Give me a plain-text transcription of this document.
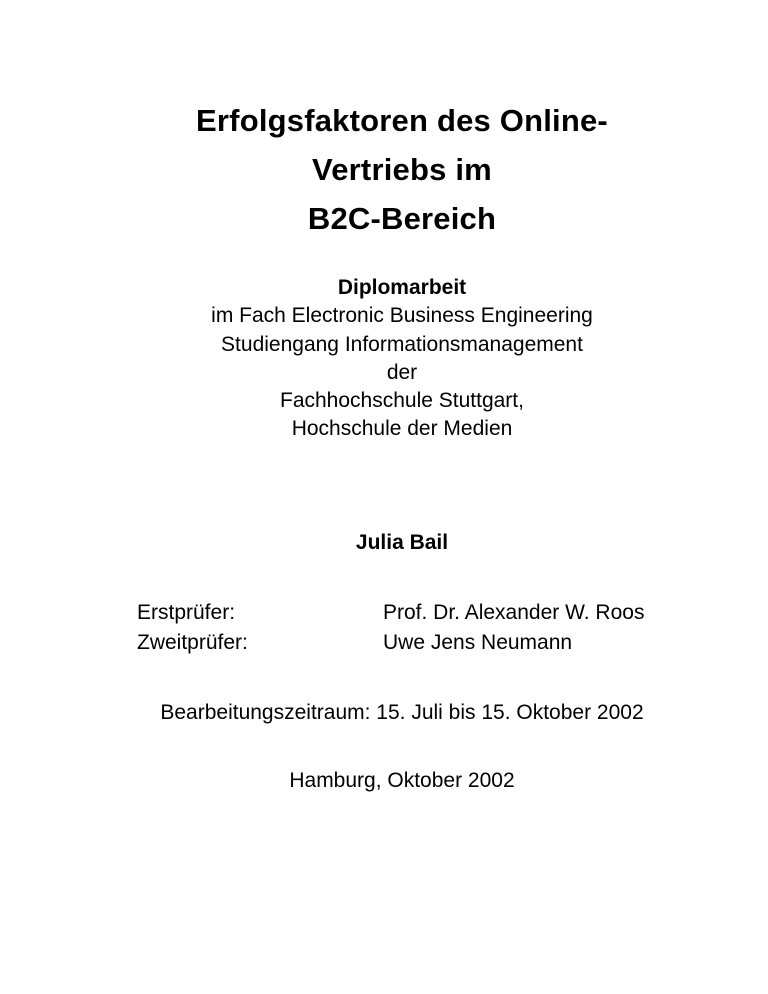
Erfolgsfaktoren des Online-Vertriebs im
B2C-Bereich
Diplomarbeit
im Fach Electronic Business Engineering
Studiengang Informationsmanagement
der
Fachhochschule Stuttgart,
Hochschule der Medien
Julia Bail
Erstprüfer:	Prof. Dr. Alexander W. Roos
Zweitprüfer:	Uwe Jens Neumann
Bearbeitungszeitraum: 15. Juli bis 15. Oktober 2002
Hamburg, Oktober 2002
